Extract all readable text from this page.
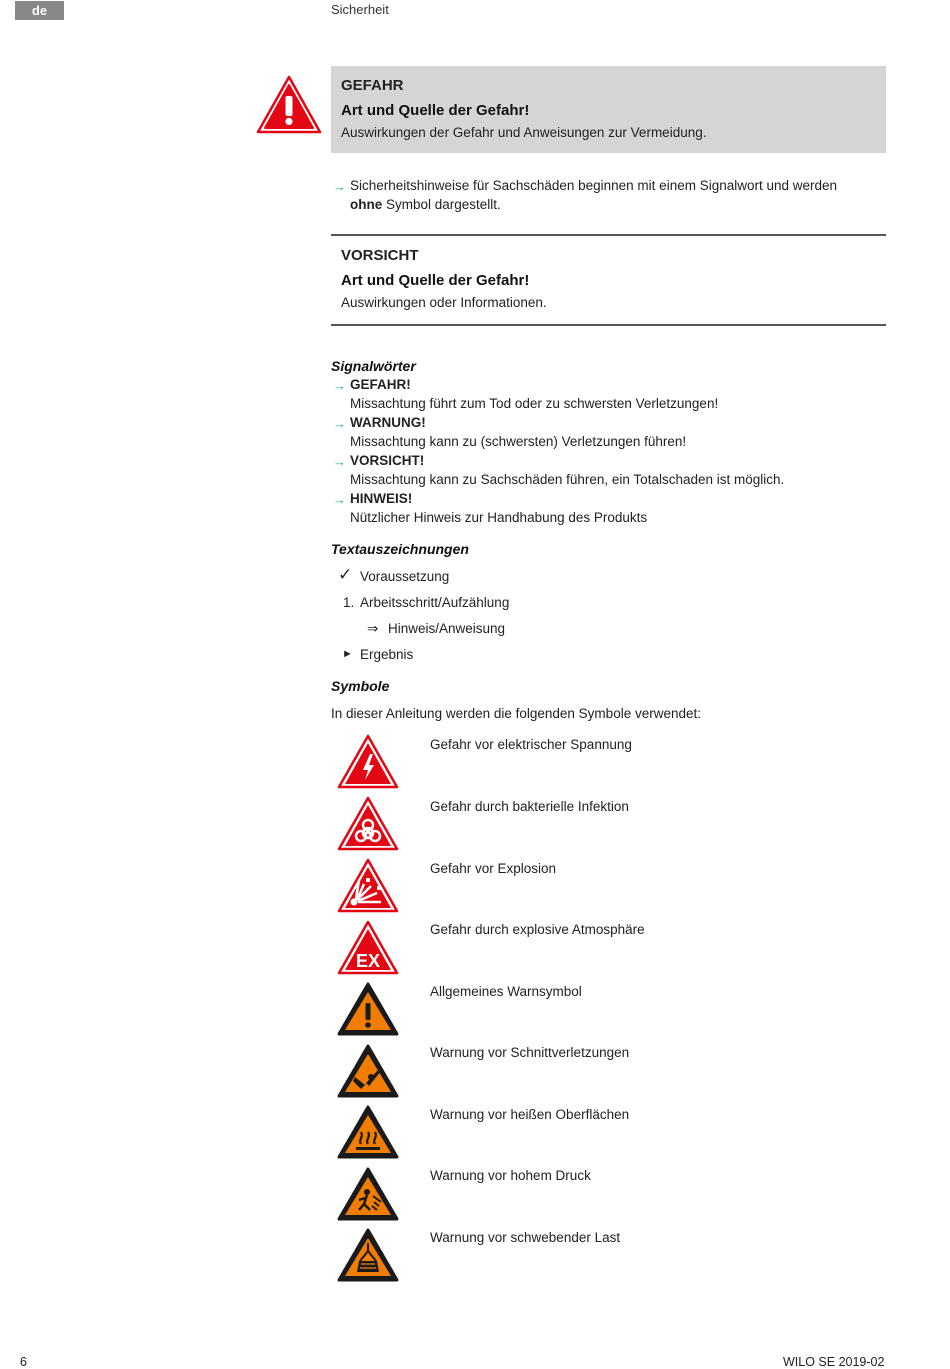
de	Sicherheit
GEFAHR
Art und Quelle der Gefahr!
Auswirkungen der Gefahr und Anweisungen zur Vermeidung.
→ Sicherheitshinweise für Sachschäden beginnen mit einem Signalwort und werden
ohne Symbol dargestellt.
VORSICHT
Art und Quelle der Gefahr!
Auswirkungen oder Informationen.
Signalwörter
→ GEFAHR!
Missachtung führt zum Tod oder zu schwersten Verletzungen!
→ WARNUNG!
Missachtung kann zu (schwersten) Verletzungen führen!
→ VORSICHT!
Missachtung kann zu Sachschäden führen, ein Totalschaden ist möglich.
→ HINWEIS!
Nützlicher Hinweis zur Handhabung des Produkts
Textauszeichnungen
✓ Voraussetzung
1. Arbeitsschritt/Aufzählung
⇒ Hinweis/Anweisung
► Ergebnis
Symbole
In dieser Anleitung werden die folgenden Symbole verwendet:
Gefahr vor elektrischer Spannung
Gefahr durch bakterielle Infektion
Gefahr vor Explosion
EX
Gefahr durch explosive Atmosphäre
Allgemeines Warnsymbol
Warnung vor Schnittverletzungen
Warnung vor heißen Oberflächen
Warnung vor hohem Druck
Warnung vor schwebender Last
6	WILO SE 2019-02
